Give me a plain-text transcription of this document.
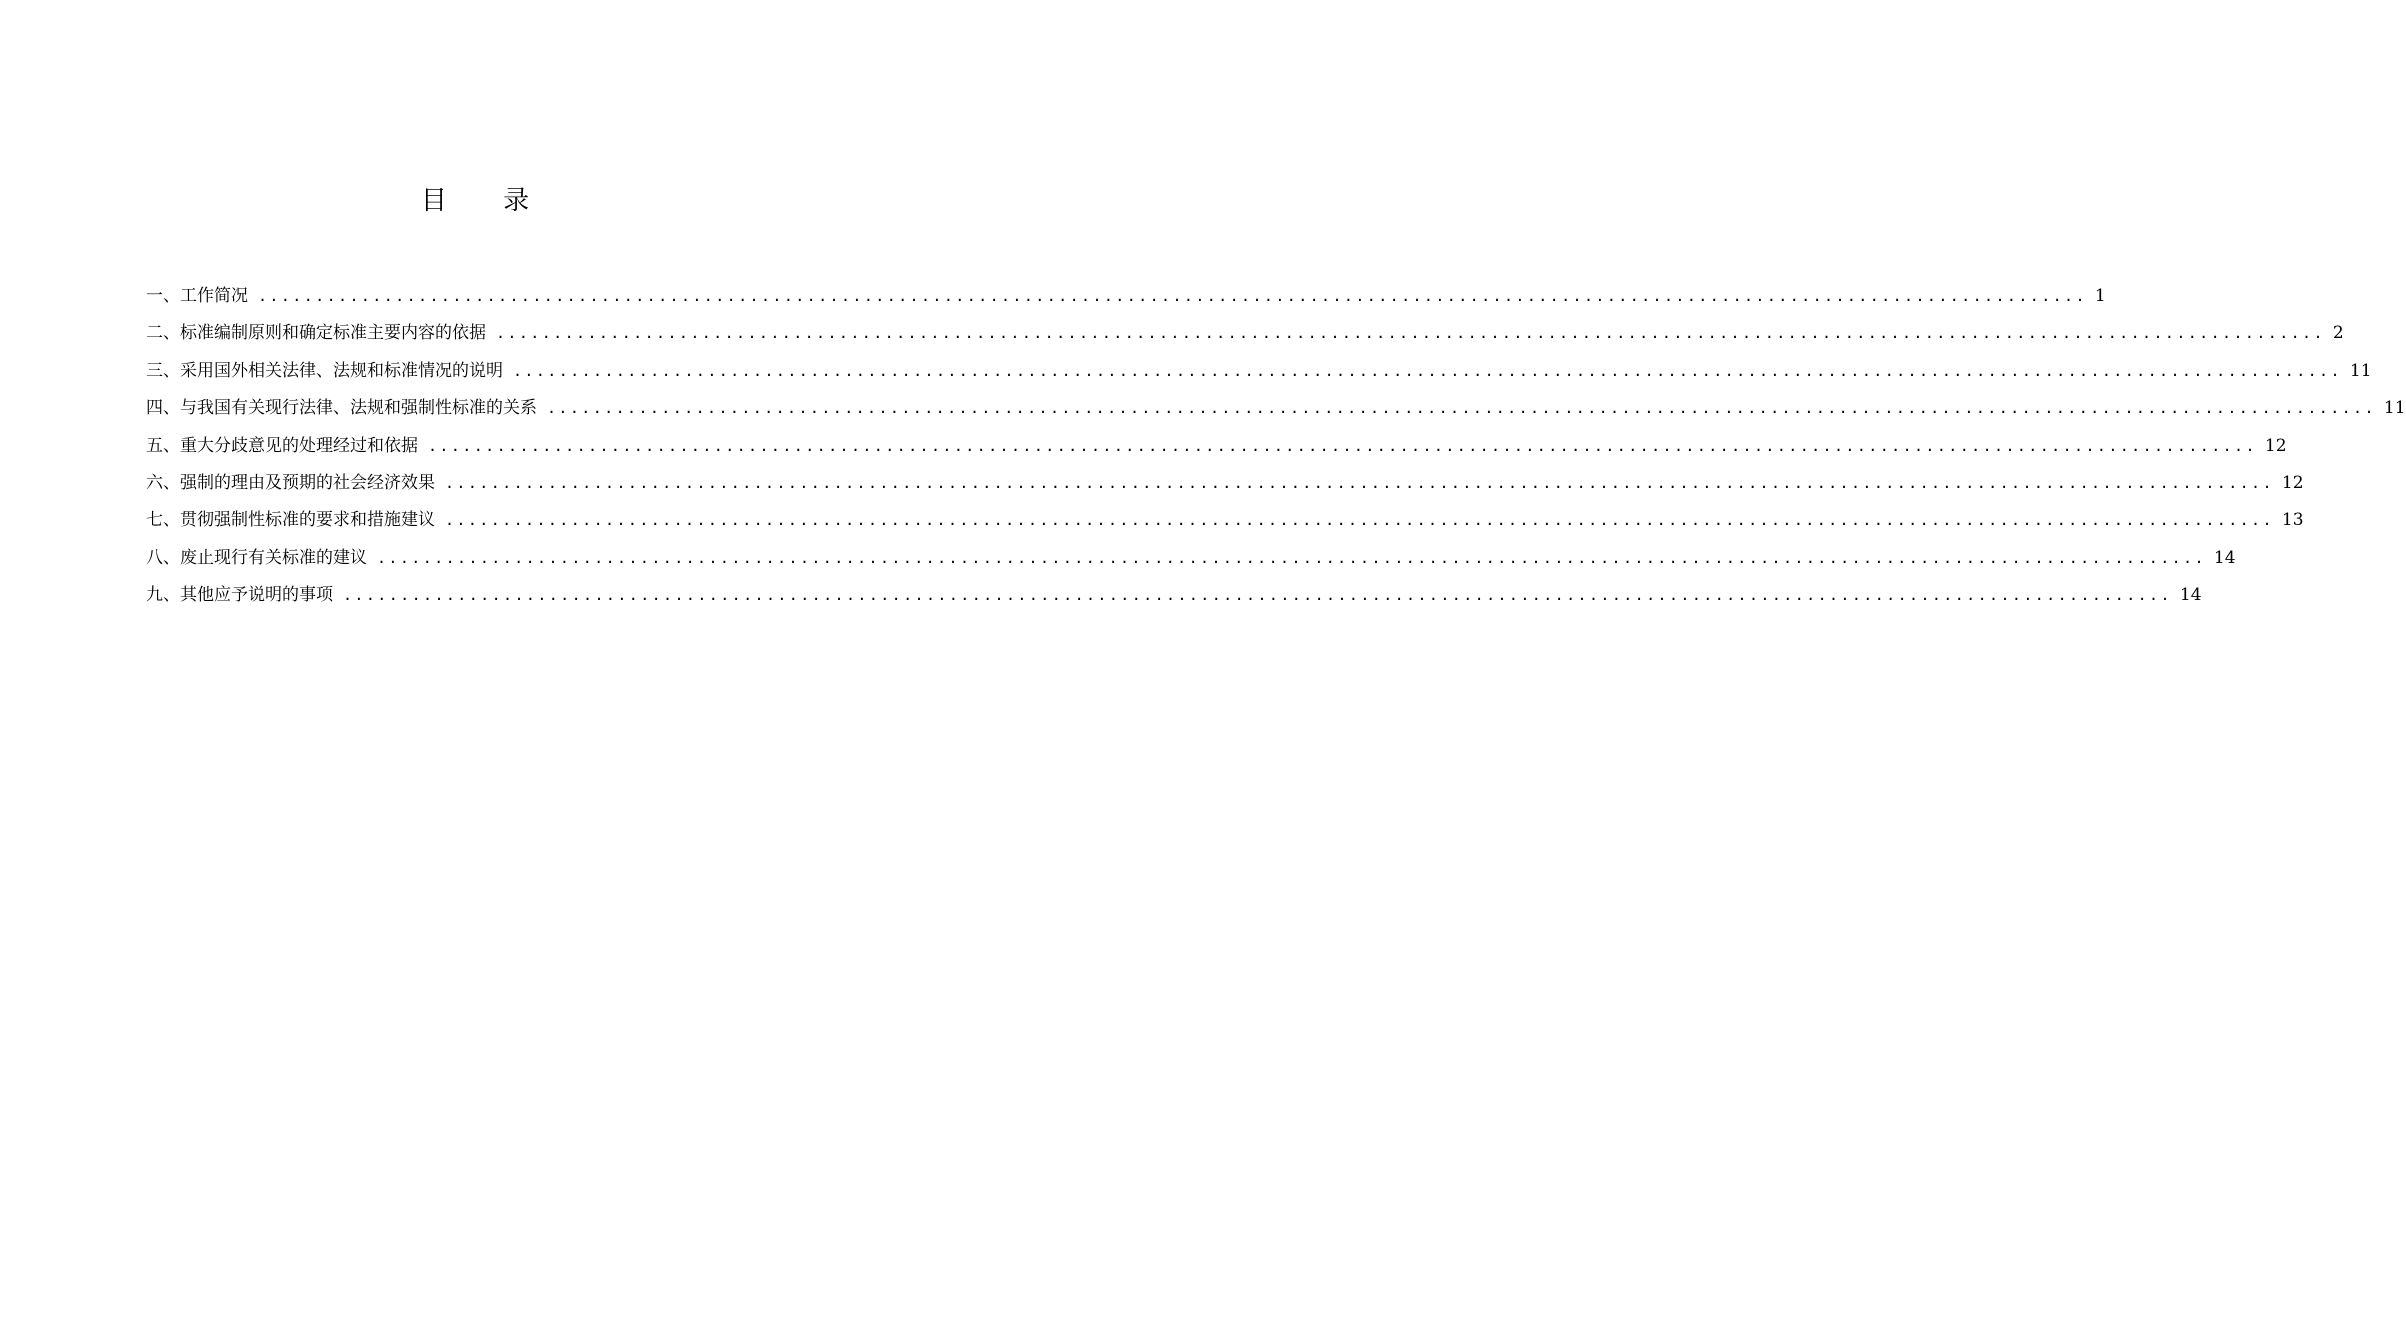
目 录
一、工作简况 ................................................................................................................................................................ 1
二、标准编制原则和确定标准主要内容的依据 ................................................................................................................................................................ 2
三、采用国外相关法律、法规和标准情况的说明 ................................................................................................................................................................ 11
四、与我国有关现行法律、法规和强制性标准的关系 ................................................................................................................................................................ 11
五、重大分歧意见的处理经过和依据 ................................................................................................................................................................ 12
六、强制的理由及预期的社会经济效果 ................................................................................................................................................................ 12
七、贯彻强制性标准的要求和措施建议 ................................................................................................................................................................ 13
八、废止现行有关标准的建议 ................................................................................................................................................................ 14
九、其他应予说明的事项 ................................................................................................................................................................ 14
